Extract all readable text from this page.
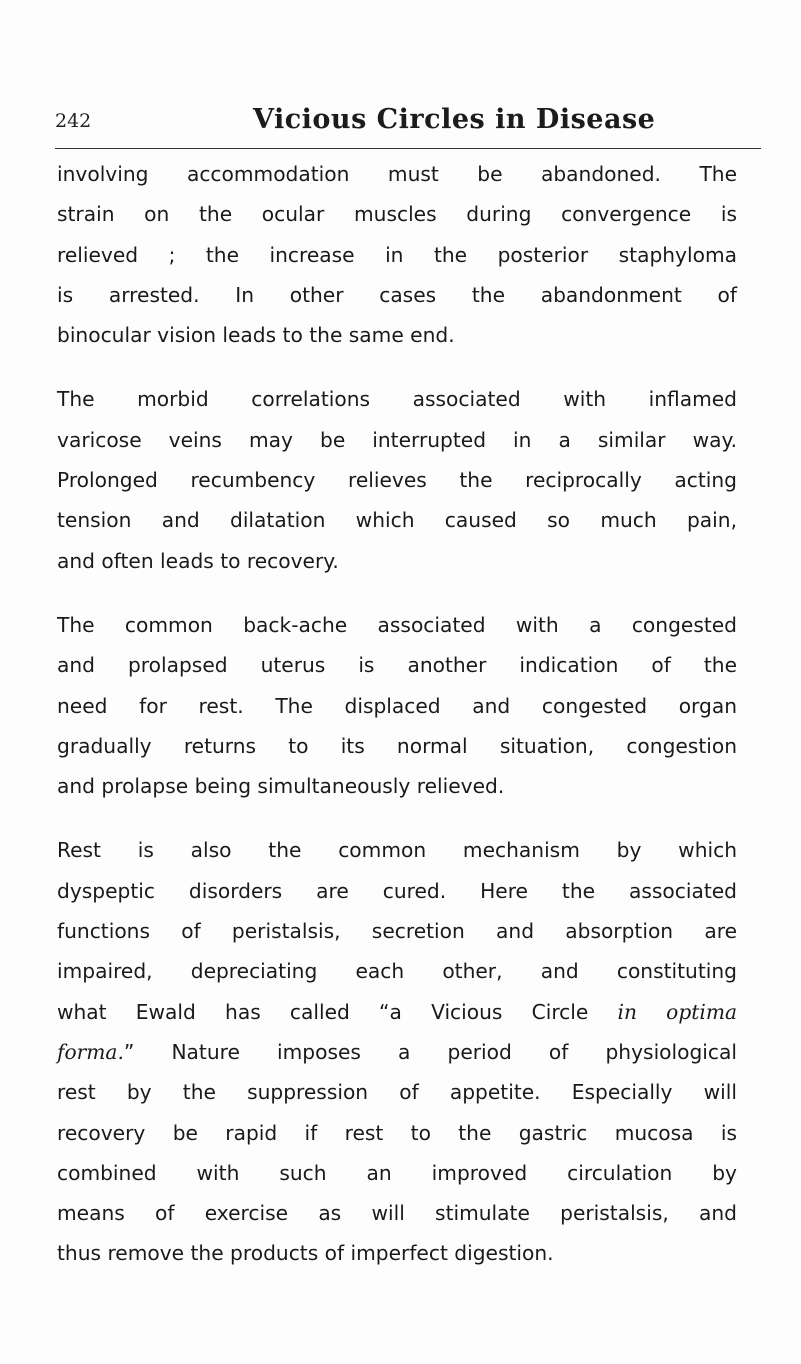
242	Vicious Circles in Disease
involving accommodation must be abandoned. The
strain on the ocular muscles during convergence is
relieved ; the increase in the posterior staphyloma
is arrested. In other cases the abandonment of
binocular vision leads to the same end.
The morbid correlations associated with inflamed
varicose veins may be interrupted in a similar way.
Prolonged recumbency relieves the reciprocally acting
tension and dilatation which caused so much pain,
and often leads to recovery.
The common back-ache associated with a congested
and prolapsed uterus is another indication of the
need for rest. The displaced and congested organ
gradually returns to its normal situation, congestion
and prolapse being simultaneously relieved.
Rest is also the common mechanism by which
dyspeptic disorders are cured. Here the associated
functions of peristalsis, secretion and absorption are
impaired, depreciating each other, and constituting
what Ewald has called “a Vicious Circle in optima
forma.” Nature imposes a period of physiological
rest by the suppression of appetite. Especially will
recovery be rapid if rest to the gastric mucosa is
combined with such an improved circulation by
means of exercise as will stimulate peristalsis, and
thus remove the products of imperfect digestion.
